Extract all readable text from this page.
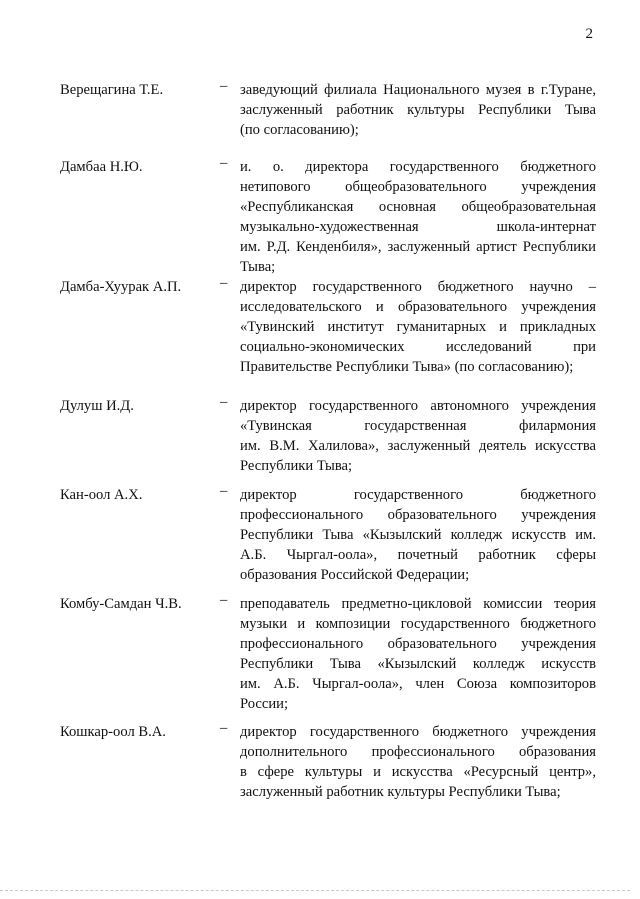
2
Верещагина Т.Е.	– заведующий филиала Национального музея в г.Туране,
заслуженный работник культуры Республики Тыва
(по согласованию);
Дамбаа Н.Ю.	– и. о. директора государственного бюджетного
нетипового общеобразовательного учреждения
«Республиканская основная общеобразовательная
музыкально-художественная школа-интернат
им. Р.Д. Кенденбиля», заслуженный артист Республики
Тыва;
Дамба-Хуурак А.П.	– директор государственного бюджетного научно –
исследовательского и образовательного учреждения
«Тувинский институт гуманитарных и прикладных
социально-экономических исследований при
Правительстве Республики Тыва» (по согласованию);
Дулуш И.Д.	– директор государственного автономного учреждения
«Тувинская государственная филармония
им. В.М. Халилова», заслуженный деятель искусства
Республики Тыва;
Кан-оол А.Х.	– директор государственного бюджетного
профессионального образовательного учреждения
Республики Тыва «Кызылский колледж искусств им.
А.Б. Чыргал-оола», почетный работник сферы
образования Российской Федерации;
Комбу-Самдан Ч.В.	– преподаватель предметно-цикловой комиссии теория
музыки и композиции государственного бюджетного
профессионального образовательного учреждения
Республики Тыва «Кызылский колледж искусств
им. А.Б. Чыргал-оола», член Союза композиторов
России;
Кошкар-оол В.А.	– директор государственного бюджетного учреждения
дополнительного профессионального образования
в сфере культуры и искусства «Ресурсный центр»,
заслуженный работник культуры Республики Тыва;
